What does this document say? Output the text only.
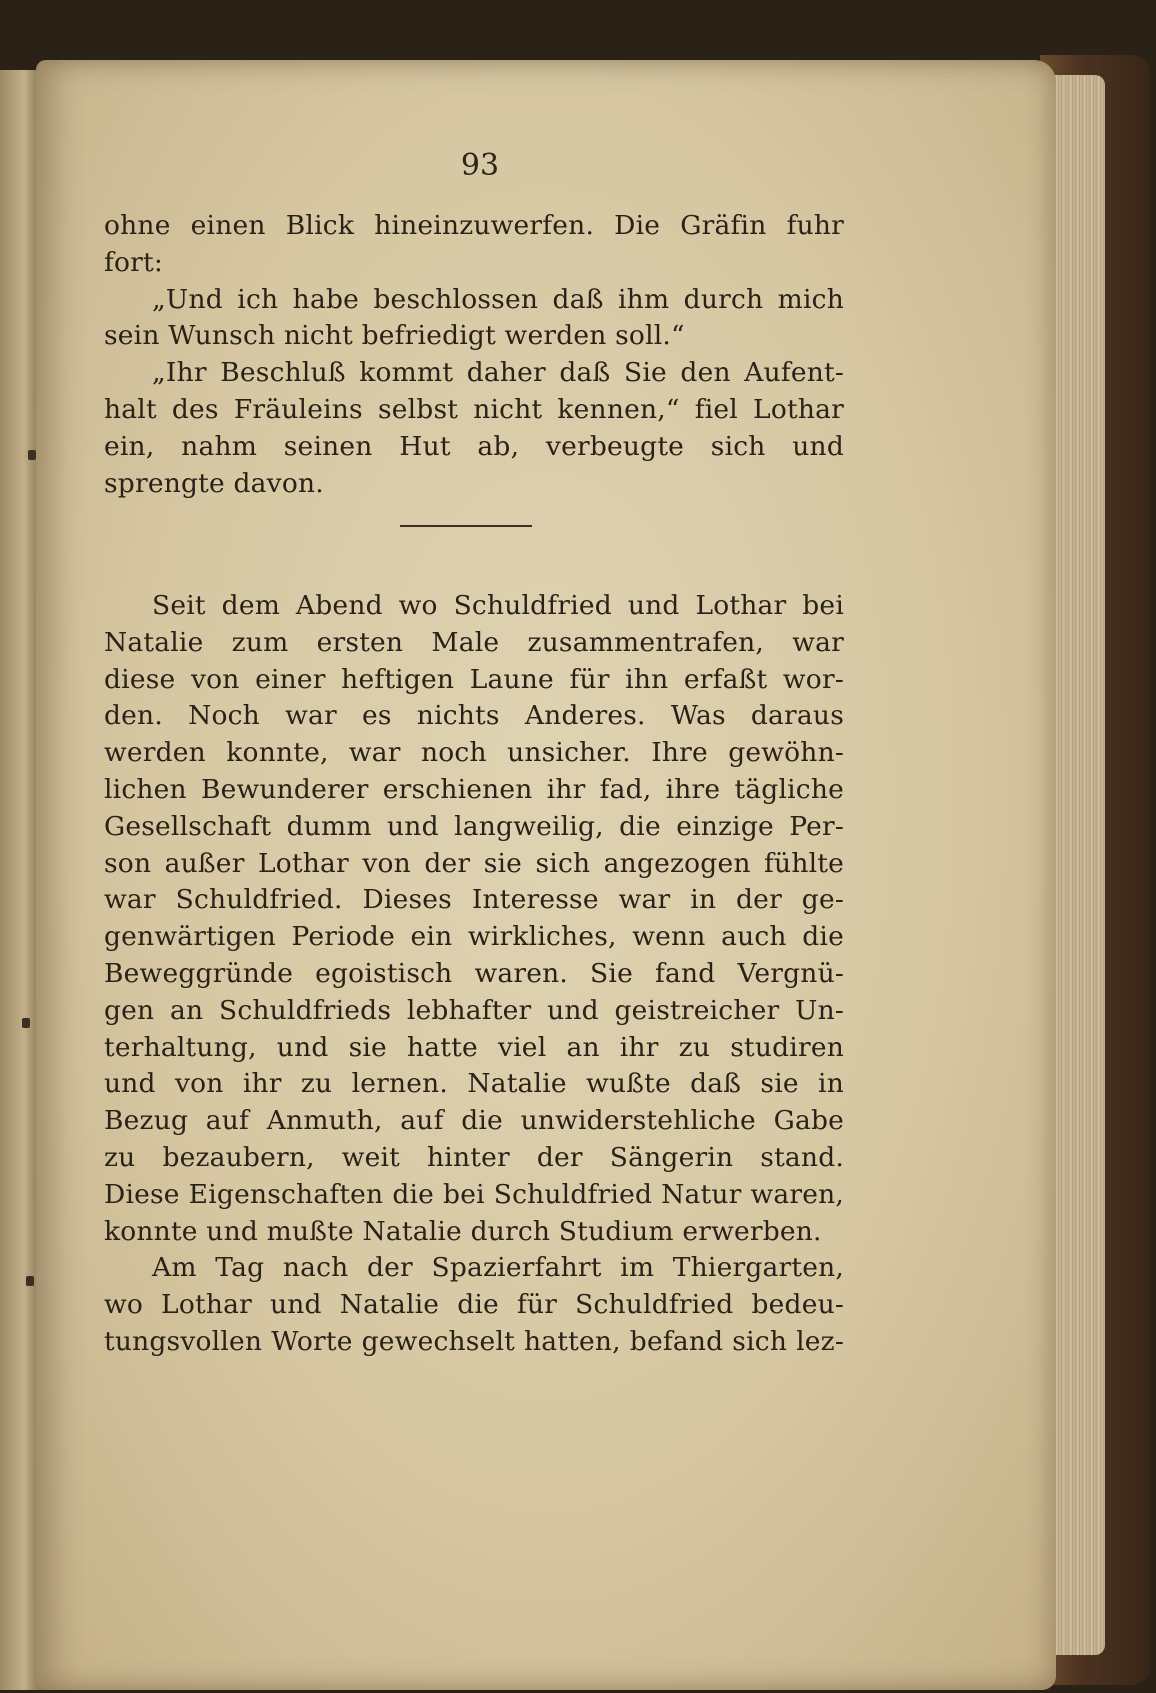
93
ohne einen Blick hineinzuwerfen. Die Gräfin fuhr
fort:
„Und ich habe beschlossen daß ihm durch mich
sein Wunsch nicht befriedigt werden soll.“
„Ihr Beschluß kommt daher daß Sie den Aufent-
halt des Fräuleins selbst nicht kennen,“ fiel Lothar
ein, nahm seinen Hut ab, verbeugte sich und
sprengte davon.
Seit dem Abend wo Schuldfried und Lothar bei
Natalie zum ersten Male zusammentrafen, war
diese von einer heftigen Laune für ihn erfaßt wor-
den. Noch war es nichts Anderes. Was daraus
werden konnte, war noch unsicher. Ihre gewöhn-
lichen Bewunderer erschienen ihr fad, ihre tägliche
Gesellschaft dumm und langweilig, die einzige Per-
son außer Lothar von der sie sich angezogen fühlte
war Schuldfried. Dieses Interesse war in der ge-
genwärtigen Periode ein wirkliches, wenn auch die
Beweggründe egoistisch waren. Sie fand Vergnü-
gen an Schuldfrieds lebhafter und geistreicher Un-
terhaltung, und sie hatte viel an ihr zu studiren
und von ihr zu lernen. Natalie wußte daß sie in
Bezug auf Anmuth, auf die unwiderstehliche Gabe
zu bezaubern, weit hinter der Sängerin stand.
Diese Eigenschaften die bei Schuldfried Natur waren,
konnte und mußte Natalie durch Studium erwerben.
Am Tag nach der Spazierfahrt im Thiergarten,
wo Lothar und Natalie die für Schuldfried bedeu-
tungsvollen Worte gewechselt hatten, befand sich lez-
